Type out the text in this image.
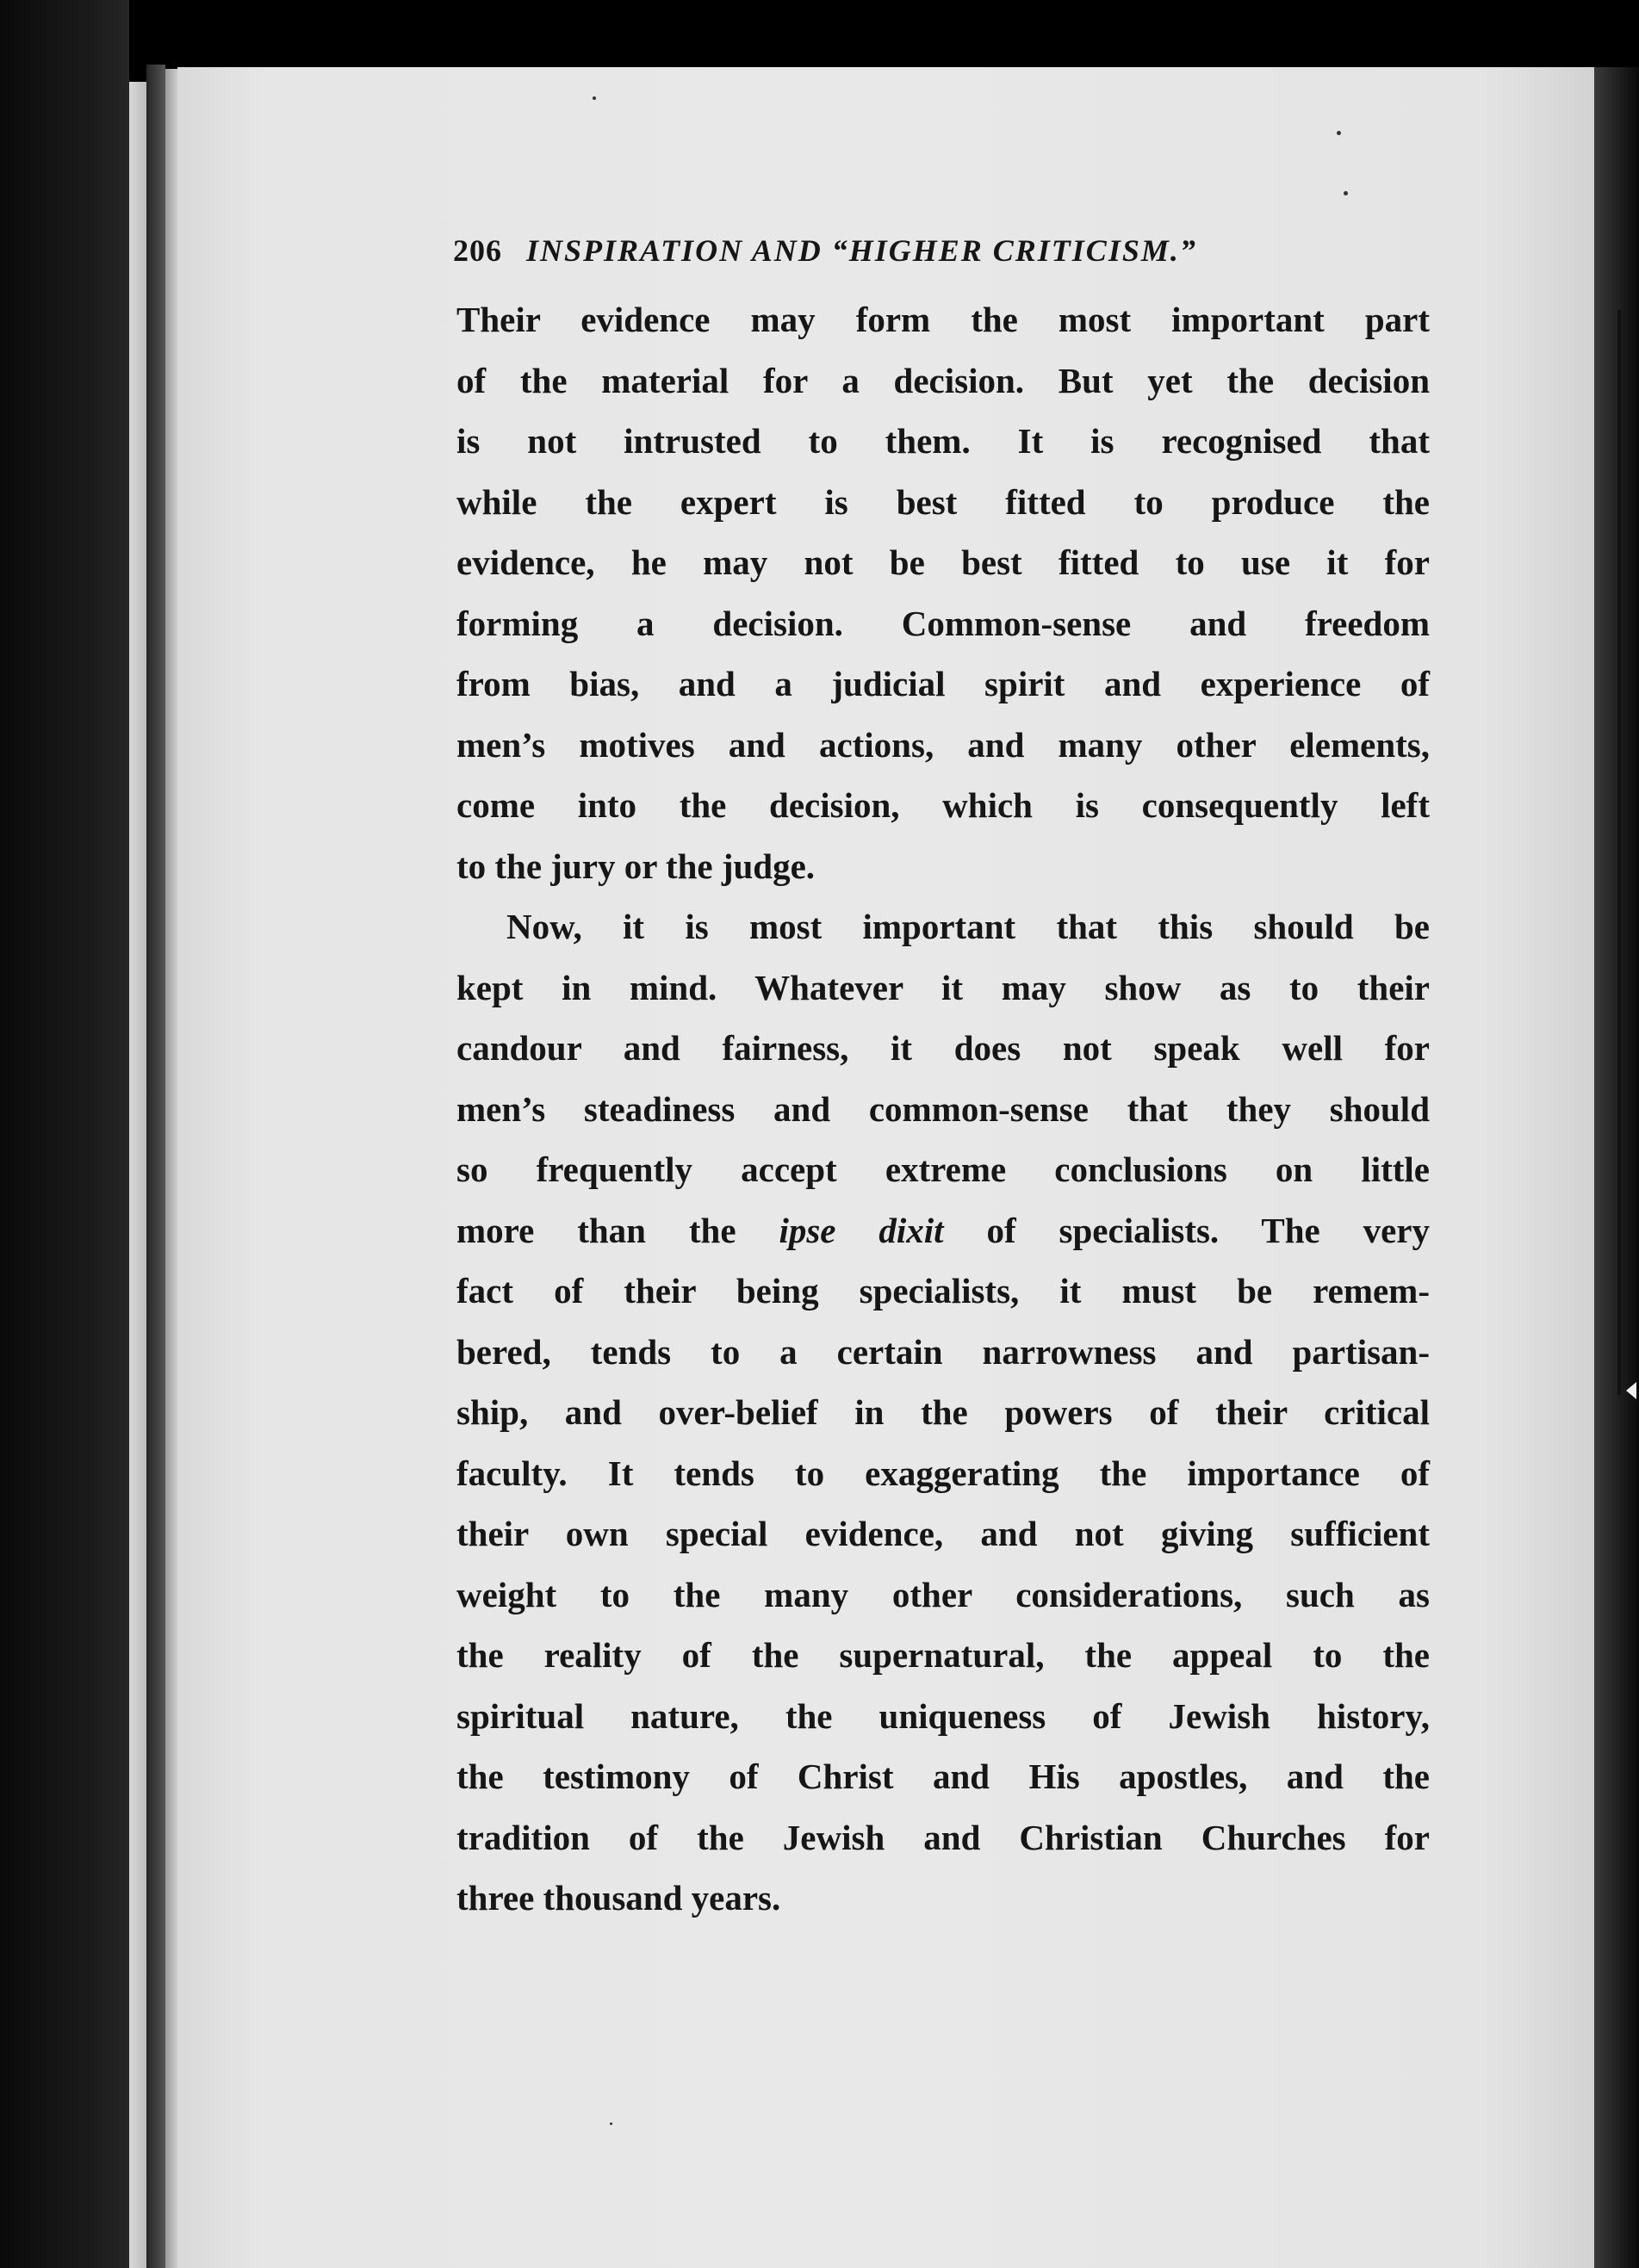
206 INSPIRATION AND “HIGHER CRITICISM.”
Their evidence may form the most important part
of the material for a decision. But yet the decision
is not intrusted to them. It is recognised that
while the expert is best fitted to produce the
evidence, he may not be best fitted to use it for
forming a decision. Common-sense and freedom
from bias, and a judicial spirit and experience of
men’s motives and actions, and many other elements,
come into the decision, which is consequently left
to the jury or the judge.
Now, it is most important that this should be
kept in mind. Whatever it may show as to their
candour and fairness, it does not speak well for
men’s steadiness and common-sense that they should
so frequently accept extreme conclusions on little
more than the ipse dixit of specialists. The very
fact of their being specialists, it must be remem-
bered, tends to a certain narrowness and partisan-
ship, and over-belief in the powers of their critical
faculty. It tends to exaggerating the importance of
their own special evidence, and not giving sufficient
weight to the many other considerations, such as
the reality of the supernatural, the appeal to the
spiritual nature, the uniqueness of Jewish history,
the testimony of Christ and His apostles, and the
tradition of the Jewish and Christian Churches for
three thousand years.
